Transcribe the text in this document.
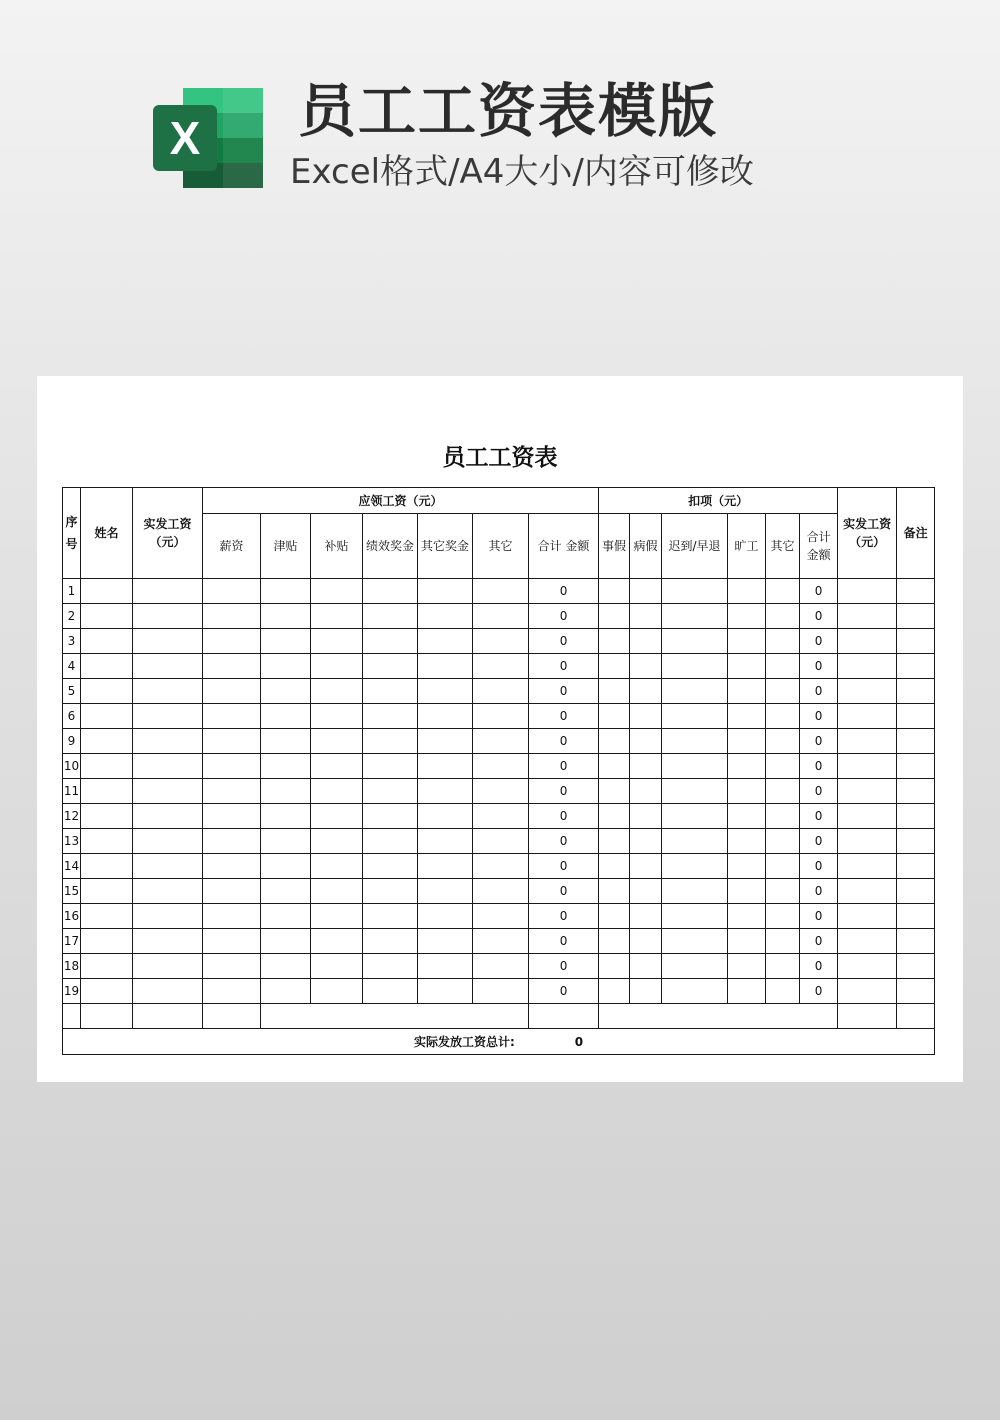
X 员工工资表模版
Excel格式/A4大小/内容可修改
员工工资表
序号	姓名	实发工资（元）	应领工资（元）							扣项（元）						实发工资（元）	备注
			薪资	津贴	补贴	绩效奖金	其它奖金	其它	合计 金额	事假	病假	迟到/早退	旷工	其它	合计金额		
1									0						0		
2									0						0		
3									0						0		
4									0						0		
5									0						0		
6									0						0		
9									0						0		
10									0						0		
11									0						0		
12									0						0		
13									0						0		
14									0						0		
15									0						0		
16									0						0		
17									0						0		
18									0						0		
19									0						0		

实际发放工资总计: 0																	
